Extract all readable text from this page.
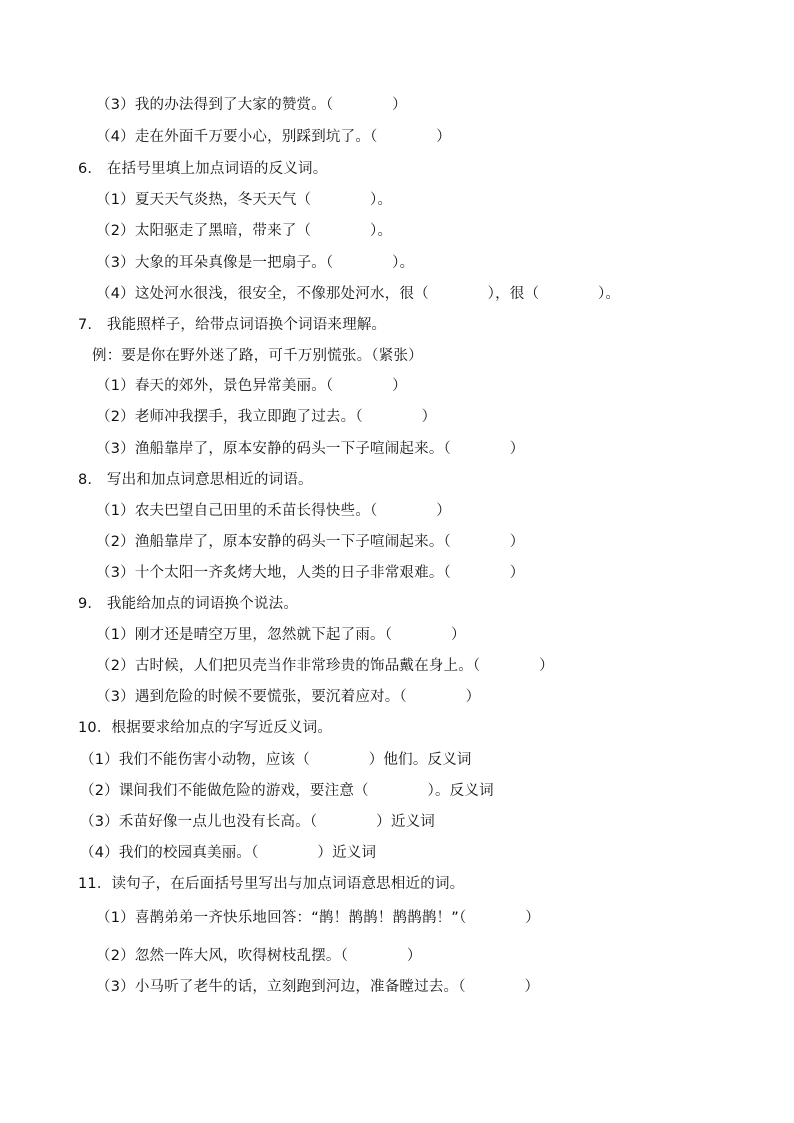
（3）我的办法得到了大家的赞赏。（　　　　）
（4）走在外面千万要小心，别踩到坑了。（　　　　）
6.　在括号里填上加点词语的反义词。
（1）夏天天气炎热，冬天天气（　　　　）。
（2）太阳驱走了黑暗，带来了（　　　　）。
（3）大象的耳朵真像是一把扇子。（　　　　）。
（4）这处河水很浅，很安全，不像那处河水，很（　　　　），很（　　　　）。
7.　我能照样子，给带点词语换个词语来理解。
例：要是你在野外迷了路，可千万别慌张。（紧张）
（1）春天的郊外，景色异常美丽。（　　　　）
（2）老师冲我摆手，我立即跑了过去。（　　　　）
（3）渔船靠岸了，原本安静的码头一下子喧闹起来。（　　　　）
8.　写出和加点词意思相近的词语。
（1）农夫巴望自己田里的禾苗长得快些。（　　　　）
（2）渔船靠岸了，原本安静的码头一下子喧闹起来。（　　　　）
（3）十个太阳一齐炙烤大地，人类的日子非常艰难。（　　　　）
9.　我能给加点的词语换个说法。
（1）刚才还是晴空万里，忽然就下起了雨。（　　　　）
（2）古时候，人们把贝壳当作非常珍贵的饰品戴在身上。（　　　　）
（3）遇到危险的时候不要慌张，要沉着应对。（　　　　）
10．根据要求给加点的字写近反义词。
（1）我们不能伤害小动物，应该（　　　　）他们。反义词
（2）课间我们不能做危险的游戏，要注意（　　　　）。反义词
（3）禾苗好像一点儿也没有长高。（　　　　）近义词
（4）我们的校园真美丽。（　　　　）近义词
11．读句子，在后面括号里写出与加点词语意思相近的词。
（1）喜鹊弟弟一齐快乐地回答：“鹊！鹊鹊！鹊鹊鹊！”（　　　　）
（2）忽然一阵大风，吹得树枝乱摆。（　　　　）
（3）小马听了老牛的话，立刻跑到河边，准备瞠过去。（　　　　）
